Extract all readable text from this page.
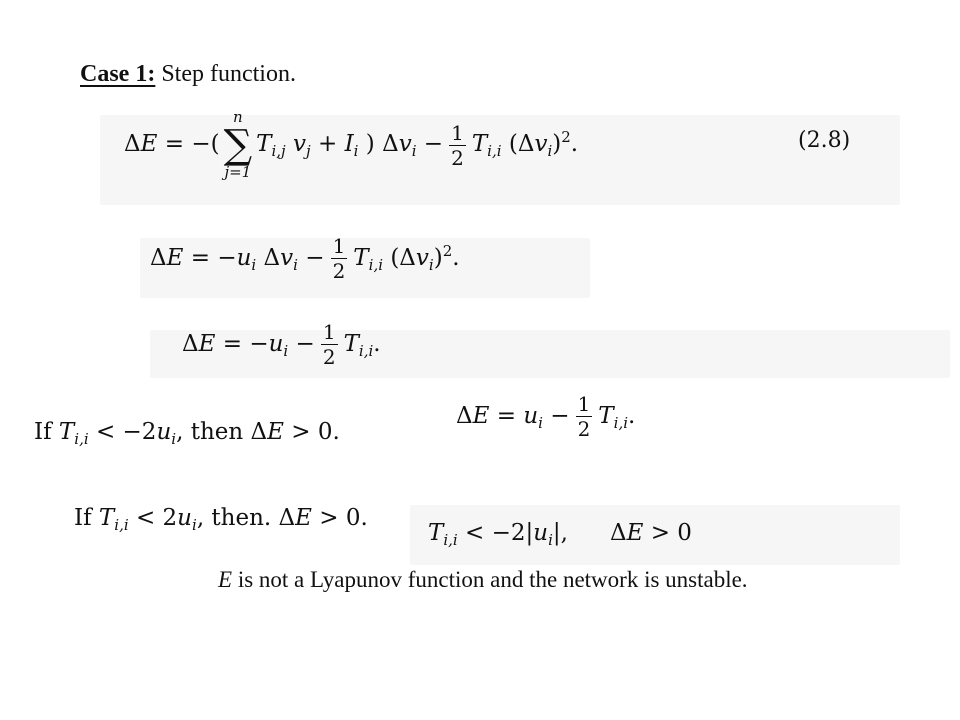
Case 1: Step function.
ΔE = −(
n
∑
j=1
$T_{i,j}$ $v_j + I_i$ ) $\Delta v_i - \frac{1}{2} T_{i,i}$ $(\Delta v_i)^2$.	(2.8)
$\Delta E = -u_i$ $\Delta v_i - \frac{1}{2} T_{i,i}$ $(\Delta v_i)^2$.
$\Delta E = -u_i - \frac{1}{2} T_{i,i}$.
If $T_{i,i} < -2u_i$, then ΔE > 0.
$\Delta E = u_i - \frac{1}{2} T_{i,i}$.
If $T_{i,i} < 2u_i$, then. ΔE > 0.
$T_{i,i} < -2|u_i|$, ΔE > 0
E is not a Lyapunov function and the network is unstable.
